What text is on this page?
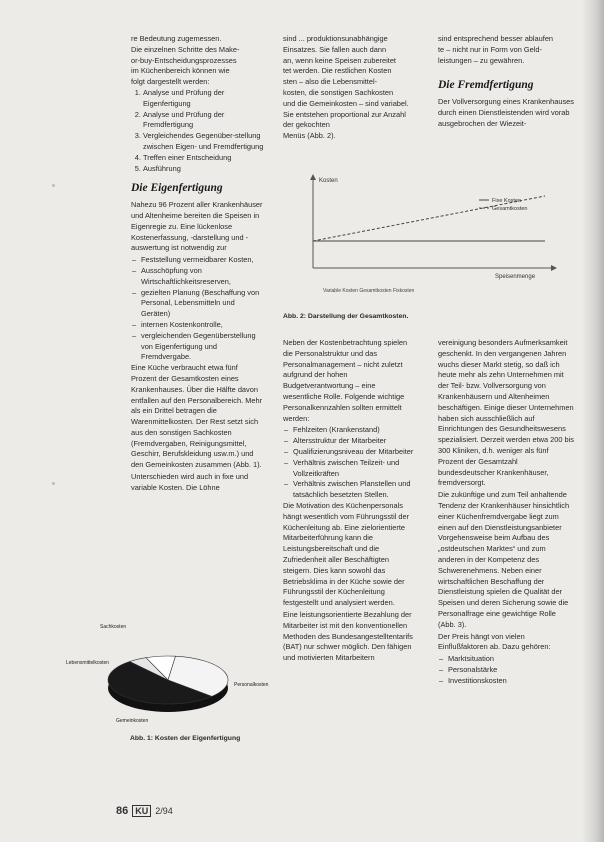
re Bedeutung zugemessen.
Die einzelnen Schritte des Make-
or-buy-Entscheidungsprozesses
im Küchenbereich können wie
folgt dargestellt werden:
1. Analyse und Prüfung der Eigenfertigung
2. Analyse und Prüfung der Fremdfertigung
3. Vergleichendes Gegenüber-stellung zwischen Eigen- und Fremdfertigung
4. Treffen einer Entscheidung
5. Ausführung
Die Eigenfertigung

Nahezu 96 Prozent aller Krankenhäuser und Altenheime bereiten die Speisen in Eigenregie zu. Eine lückenlose Kostenerfassung, -darstellung und -auswertung ist notwendig zur

– Feststellung vermeidbarer Kosten,
– Ausschöpfung von Wirtschaftlichkeitsreserven,
– gezielten Planung (Beschaffung von Personal, Lebensmitteln und Geräten)
– internen Kostenkontrolle,
– vergleichenden Gegenüberstellung von Eigenfertigung und Fremdvergabe.

Eine Küche verbraucht etwa fünf Prozent der Gesamtkosten eines Krankenhauses. Über die Hälfte davon entfallen auf den Personalbereich. Mehr als ein Drittel betragen die Warenmittelkosten. Der Rest setzt sich aus den sonstigen Sachkosten (Fremdvergaben, Reinigungsmittel, Geschirr, Berufskleidung usw.m.) und den Gemeinkosten zusammen (Abb. 1).

Unterschieden wird auch in fixe und variable Kosten. Die Löhne

Sachkosten
Lebensmittelkosten
Personalkosten
Gemeinkosten
Abb. 1: Kosten der Eigenfertigung
sind ... produktionsunabhängige
Einsatzes. Sie fallen auch dann
an, wenn keine Speisen zubereitet
tet werden. Die restlichen Kosten
sten – also die Lebensmittel-
kosten, die sonstigen Sachkosten
und die Gemeinkosten – sind variabel.
Sie entstehen proportional zur Anzahl der gekochten
Menüs (Abb. 2).
sind entsprechend besser ablaufen
te – nicht nur in Form von Geld-
leistungen – zu gewähren.
Die Fremdfertigung

Der Vollversorgung eines Krankenhauses durch einen Dienstleistenden wird vorab ausgebrochen der Wiezeit-

Kosten
Speisenmenge
Fixe Kosten
Gesamtkosten
Variable Kosten Gesamtkosten Fixkosten
Abb. 2: Darstellung der Gesamtkosten.

Neben der Kostenbetrachtung spielen die Personalstruktur und das Personalmanagement – nicht zuletzt aufgrund der hohen Budgetverantwortung – eine wesentliche Rolle. Folgende wichtige Personalkennzahlen sollten ermittelt werden:

– Fehlzeiten (Krankenstand)
– Altersstruktur der Mitarbeiter
– Qualifizierungsniveau der Mitarbeiter
– Verhältnis zwischen Teilzeit- und Vollzeitkräften
– Verhältnis zwischen Planstellen und tatsächlich besetzten Stellen.

Die Motivation des Küchenpersonals hängt wesentlich vom Führungsstil der Küchenleitung ab. Eine zielorientierte Mitarbeiterführung kann die Leistungsbereitschaft und die Zufriedenheit aller Beschäftigten steigern. Dies kann sowohl das Betriebsklima in der Küche sowie der Führungsstil der Küchenleitung festgestellt und analysiert werden.

Eine leistungsorientierte Bezahlung der Mitarbeiter ist mit den konventionellen Methoden des Bundesangestelltentarifs (BAT) nur schwer möglich. Den fähigen und motivierten Mitarbeitern

vereinigung besonders Aufmerksamkeit geschenkt. In den vergangenen Jahren wuchs dieser Markt stetig, so daß ich heute mehr als zehn Unternehmen mit der Teil- bzw. Vollversorgung von Krankenhäusern und Altenheimen beschäftigen. Einige dieser Unternehmen haben sich ausschließlich auf Einrichtungen des Gesundheitswesens spezialisiert. Derzeit werden etwa 200 bis 300 Kliniken, d.h. weniger als fünf Prozent der Gesamtzahl bundesdeutscher Krankenhäuser, fremdversorgt.

Die zukünftige und zum Teil anhaltende Tendenz der Krankenhäuser hinsichtlich einer Küchenfremdvergabe liegt zum einen auf den Dienstleistungsanbieter Vorgehensweise beim Aufbau des „ostdeutschen Marktes“ und zum anderen in der Kompetenz des Schwerenehmens. Neben einer wirtschaftlichen Beschaffung der Dienstleistung spielen die Qualität der Speisen und deren Sicherung sowie die Personalfrage eine gewichtige Rolle (Abb. 3).

Der Preis hängt von vielen Einflußfaktoren ab. Dazu gehören:

– Marktsituation
– Personalstärke
– Investitionskosten
86 KU 2/94
